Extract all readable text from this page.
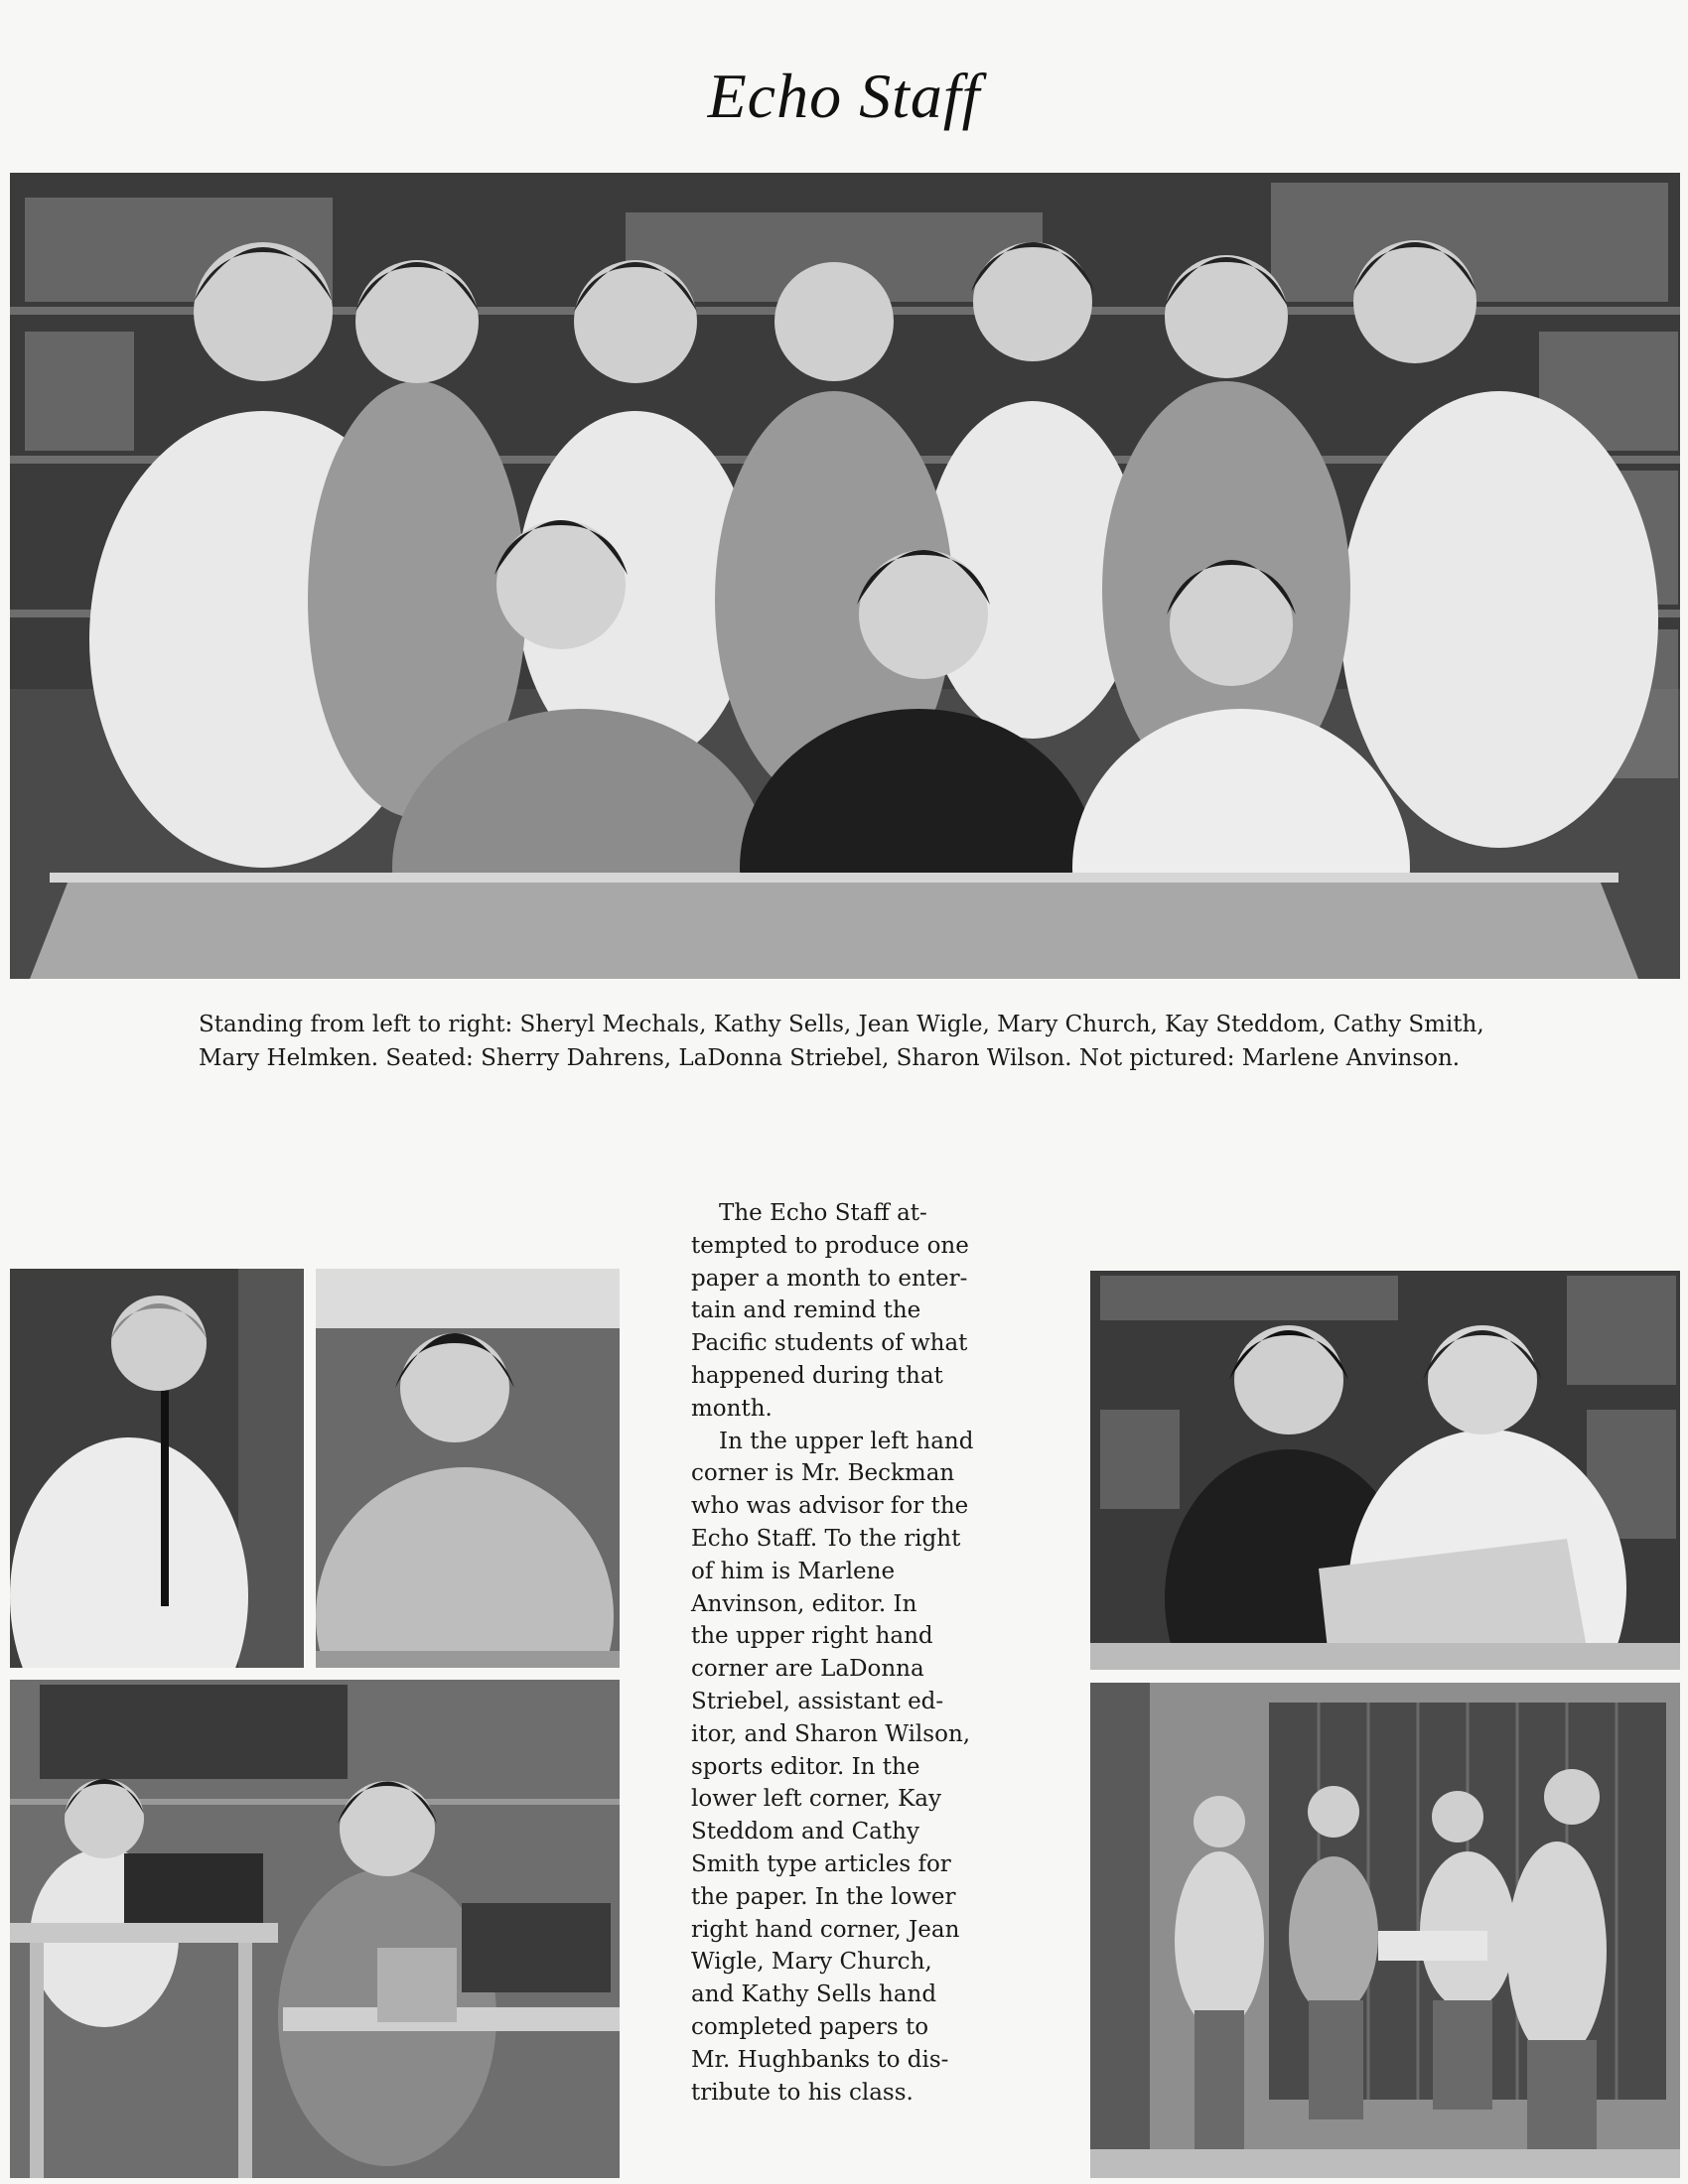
Echo Staff
Standing from left to right: Sheryl Mechals, Kathy Sells, Jean Wigle, Mary Church, Kay Steddom, Cathy Smith, Mary Helmken. Seated: Sherry Dahrens, LaDonna Striebel, Sharon Wilson. Not pictured: Marlene Anvinson.
The Echo Staff at-
tempted to produce one
paper a month to enter-
tain and remind the
Pacific students of what
happened during that
month.
In the upper left hand
corner is Mr. Beckman
who was advisor for the
Echo Staff. To the right
of him is Marlene
Anvinson, editor. In
the upper right hand
corner are LaDonna
Striebel, assistant ed-
itor, and Sharon Wilson,
sports editor. In the
lower left corner, Kay
Steddom and Cathy
Smith type articles for
the paper. In the lower
right hand corner, Jean
Wigle, Mary Church,
and Kathy Sells hand
completed papers to
Mr. Hughbanks to dis-
tribute to his class.
